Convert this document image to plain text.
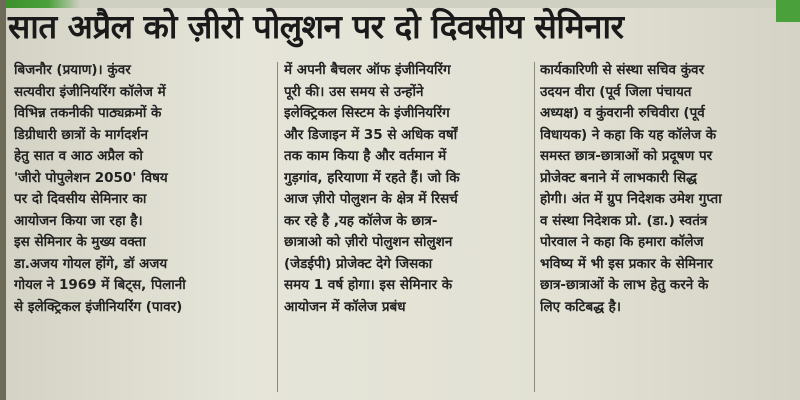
सात अप्रैल को ज़ीरो पोलुशन पर दो दिवसीय सेमिनार

बिजनौर (प्रयाण)। कुंवर

सत्यवीरा इंजीनियरिंग कॉलेज में

विभिन्न तकनीकी पाठ्यक्रमों के

डिग्रीधारी छात्रों के मार्गदर्शन

हेतु सात व आठ अप्रैल को

'जीरो पोपुलेशन 2050' विषय

पर दो दिवसीय सेमिनार का

आयोजन किया जा रहा है।

इस सेमिनार के मुख्य वक्ता

डा.अजय गोयल होंगे, डॉ अजय

गोयल ने 1969 में बिट्स, पिलानी

से इलेक्ट्रिकल इंजीनियरिंग (पावर)

में अपनी बैचलर ऑफ इंजीनियरिंग

पूरी की। उस समय से उन्होंने

इलेक्ट्रिकल सिस्टम के इंजीनियरिंग

और डिजाइन में 35 से अधिक वर्षों

तक काम किया है और वर्तमान में

गुड़गांव, हरियाणा में रहते हैं। जो कि

आज ज़ीरो पोलुशन के क्षेत्र में रिसर्च

कर रहे है ,यह कॉलेज के छात्र-

छात्राओ को ज़ीरो पोलुशन सोलुशन

(जेडईपी) प्रोजेक्ट देगे जिसका

समय 1 वर्ष होगा। इस सेमिनार के

आयोजन में कॉलेज प्रबंध

कार्यकारिणी से संस्था सचिव कुंवर

उदयन वीरा (पूर्व जिला पंचायत

अध्यक्ष) व कुंवरानी रुचिवीरा (पूर्व

विधायक) ने कहा कि यह कॉलेज के

समस्त छात्र-छात्राओं को प्रदूषण पर

प्रोजेक्ट बनाने में लाभकारी सिद्ध

होगी। अंत में ग्रुप निदेशक उमेश गुप्ता

व संस्था निदेशक प्रो. (डा.) स्वतंत्र

पोरवाल ने कहा कि हमारा कॉलेज

भविष्य में भी इस प्रकार के सेमिनार

छात्र-छात्राओं के लाभ हेतु करने के

लिए कटिबद्ध है।
